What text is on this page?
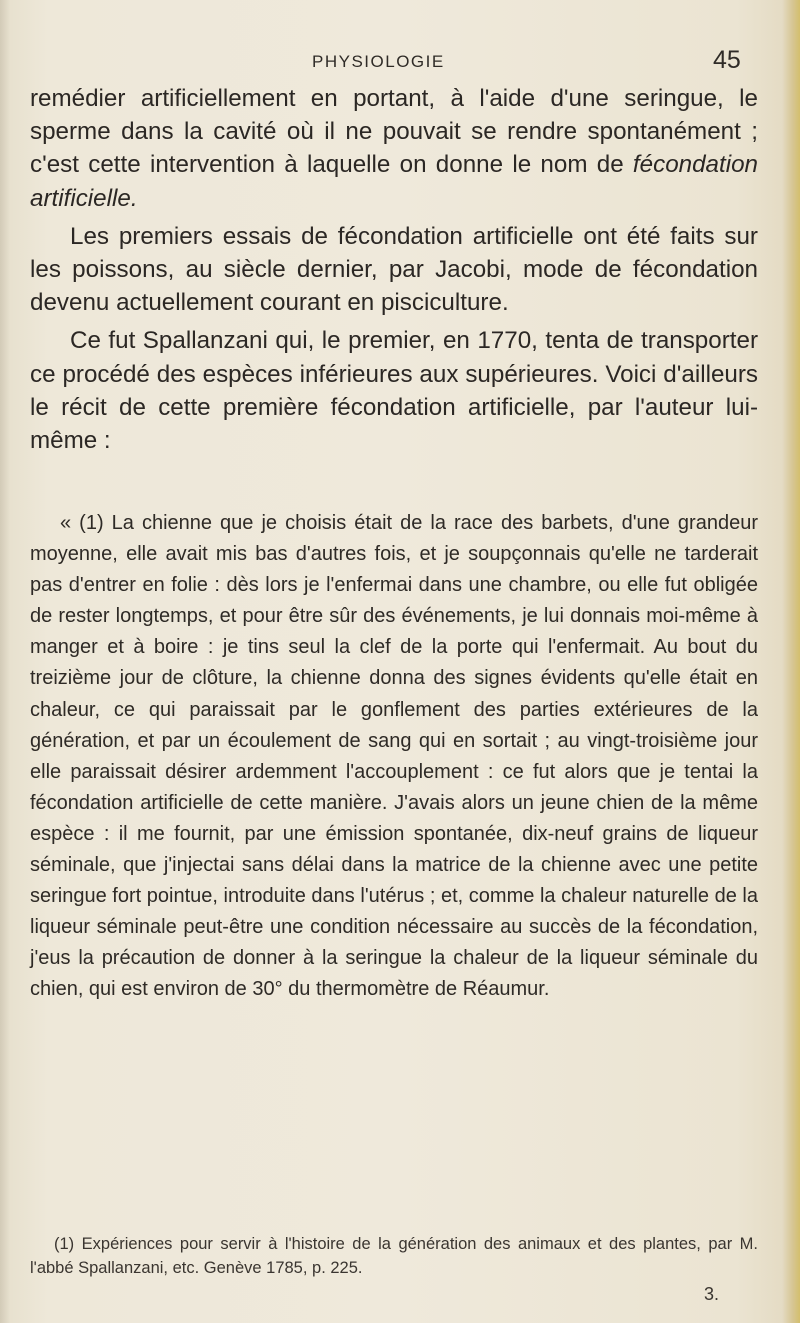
PHYSIOLOGIE	45

remédier artificiellement en portant, à l'aide d'une seringue, le sperme dans la cavité où il ne pouvait se rendre spontanément ; c'est cette intervention à laquelle on donne le nom de fécondation artificielle.

Les premiers essais de fécondation artificielle ont été faits sur les poissons, au siècle dernier, par Jacobi, mode de fécondation devenu actuellement courant en pisciculture.

Ce fut Spallanzani qui, le premier, en 1770, tenta de transporter ce procédé des espèces inférieures aux supérieures. Voici d'ailleurs le récit de cette première fécondation artificielle, par l'auteur lui-même :

« (1) La chienne que je choisis était de la race des barbets, d'une grandeur moyenne, elle avait mis bas d'autres fois, et je soupçonnais qu'elle ne tarderait pas d'entrer en folie : dès lors je l'enfermai dans une chambre, ou elle fut obligée de rester longtemps, et pour être sûr des événements, je lui donnais moi-même à manger et à boire : je tins seul la clef de la porte qui l'enfermait. Au bout du treizième jour de clôture, la chienne donna des signes évidents qu'elle était en chaleur, ce qui paraissait par le gonflement des parties extérieures de la génération, et par un écoulement de sang qui en sortait ; au vingt-troisième jour elle paraissait désirer ardemment l'accouplement : ce fut alors que je tentai la fécondation artificielle de cette manière. J'avais alors un jeune chien de la même espèce : il me fournit, par une émission spontanée, dix-neuf grains de liqueur séminale, que j'injectai sans délai dans la matrice de la chienne avec une petite seringue fort pointue, introduite dans l'utérus ; et, comme la chaleur naturelle de la liqueur séminale peut-être une condition nécessaire au succès de la fécondation, j'eus la précaution de donner à la seringue la chaleur de la liqueur séminale du chien, qui est environ de 30° du thermomètre de Réaumur.

(1) Expériences pour servir à l'histoire de la génération des animaux et des plantes, par M. l'abbé Spallanzani, etc. Genève 1785, p. 225.

3.
